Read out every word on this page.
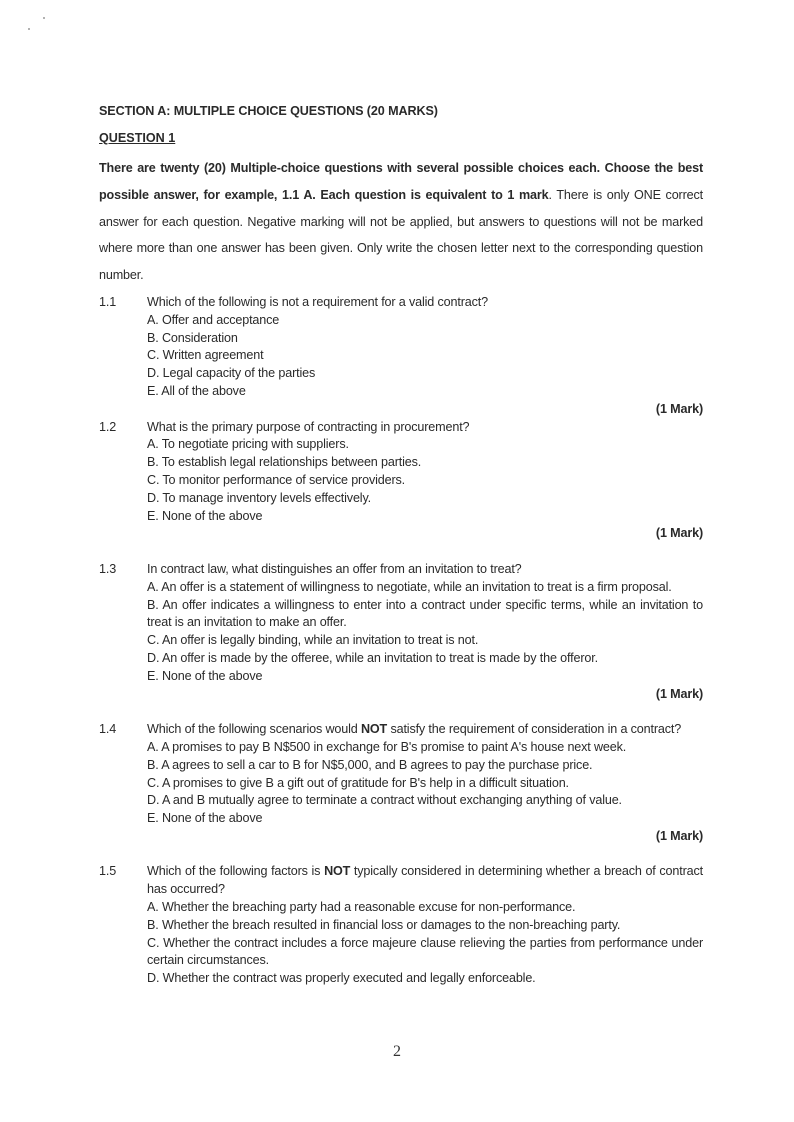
SECTION A: MULTIPLE CHOICE QUESTIONS (20 MARKS)
QUESTION 1
There are twenty (20) Multiple-choice questions with several possible choices each. Choose the best possible answer, for example, 1.1 A. Each question is equivalent to 1 mark. There is only ONE correct answer for each question. Negative marking will not be applied, but answers to questions will not be marked where more than one answer has been given. Only write the chosen letter next to the corresponding question number.
1.1	Which of the following is not a requirement for a valid contract?
A. Offer and acceptance
B. Consideration
C. Written agreement
D. Legal capacity of the parties
E. All of the above
(1 Mark)
1.2	What is the primary purpose of contracting in procurement?
A. To negotiate pricing with suppliers.
B. To establish legal relationships between parties.
C. To monitor performance of service providers.
D. To manage inventory levels effectively.
E. None of the above
(1 Mark)
1.3	In contract law, what distinguishes an offer from an invitation to treat?
A. An offer is a statement of willingness to negotiate, while an invitation to treat is a firm proposal.
B. An offer indicates a willingness to enter into a contract under specific terms, while an invitation to treat is an invitation to make an offer.
C. An offer is legally binding, while an invitation to treat is not.
D. An offer is made by the offeree, while an invitation to treat is made by the offeror.
E. None of the above
(1 Mark)
1.4	Which of the following scenarios would NOT satisfy the requirement of consideration in a contract?
A. A promises to pay B N$500 in exchange for B's promise to paint A's house next week.
B. A agrees to sell a car to B for N$5,000, and B agrees to pay the purchase price.
C. A promises to give B a gift out of gratitude for B's help in a difficult situation.
D. A and B mutually agree to terminate a contract without exchanging anything of value.
E. None of the above
(1 Mark)
1.5	Which of the following factors is NOT typically considered in determining whether a breach of contract has occurred?
A. Whether the breaching party had a reasonable excuse for non-performance.
B. Whether the breach resulted in financial loss or damages to the non-breaching party.
C. Whether the contract includes a force majeure clause relieving the parties from performance under certain circumstances.
D. Whether the contract was properly executed and legally enforceable.
2
